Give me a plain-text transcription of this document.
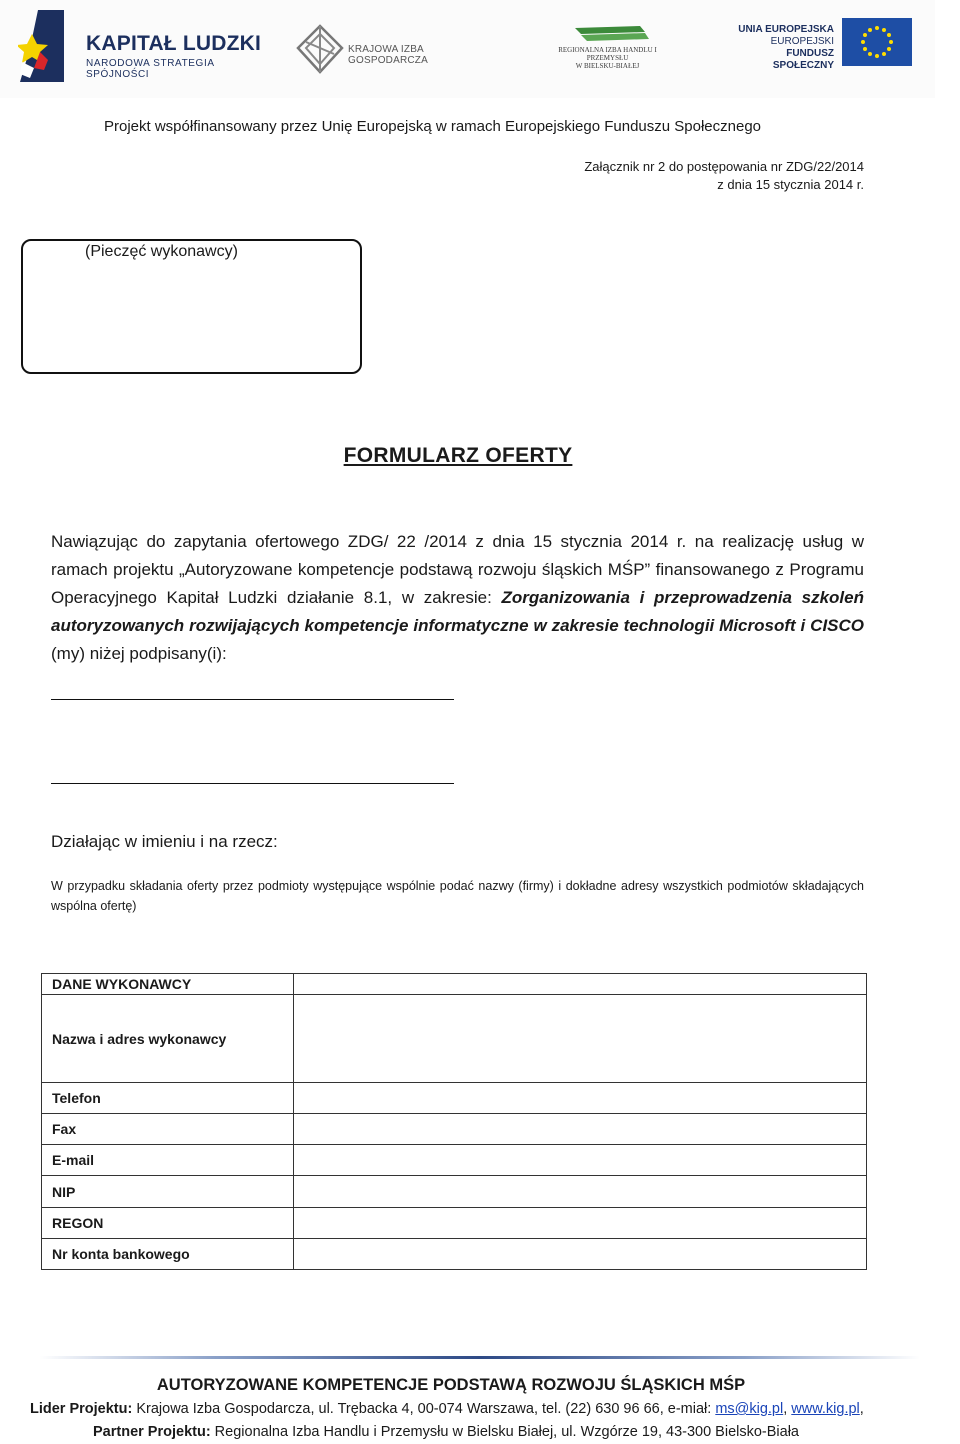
KAPITAŁ LUDZKI
NARODOWA STRATEGIA SPÓJNOŚCI
KRAJOWA IZBA GOSPODARCZA
REGIONALNA IZBA HANDLU I PRZEMYSŁU
W BIELSKU-BIAŁEJ
UNIA EUROPEJSKA
EUROPEJSKI
FUNDUSZ SPOŁECZNY
Projekt współfinansowany przez Unię Europejską w ramach Europejskiego Funduszu Społecznego
Załącznik nr 2 do postępowania nr ZDG/22/2014
z dnia 15 stycznia 2014 r.
(Pieczęć wykonawcy)
FORMULARZ OFERTY
Nawiązując do zapytania ofertowego ZDG/ 22 /2014 z dnia 15 stycznia 2014 r. na realizację usług w ramach projektu „Autoryzowane kompetencje podstawą rozwoju śląskich MŚP” finansowanego z Programu Operacyjnego Kapitał Ludzki działanie 8.1, w zakresie: Zorganizowania i przeprowadzenia szkoleń autoryzowanych rozwijających kompetencje informatyczne w zakresie technologii Microsoft i CISCO (my) niżej podpisany(i):
Działając w imieniu i na rzecz:
W przypadku składania oferty przez podmioty występujące wspólnie podać nazwy (firmy) i dokładne adresy wszystkich podmiotów składających wspólna ofertę)
DANE WYKONAWCY	
Nazwa i adres wykonawcy	
Telefon	
Fax	
E-mail	
NIP	
REGON	
Nr konta bankowego	
AUTORYZOWANE KOMPETENCJE PODSTAWĄ ROZWOJU ŚLĄSKICH MŚP
Lider Projektu: Krajowa Izba Gospodarcza, ul. Trębacka 4, 00-074 Warszawa, tel. (22) 630 96 66, e-miał: ms@kig.pl, www.kig.pl,
Partner Projektu: Regionalna Izba Handlu i Przemysłu w Bielsku Białej, ul. Wzgórze 19, 43-300 Bielsko-Biała
